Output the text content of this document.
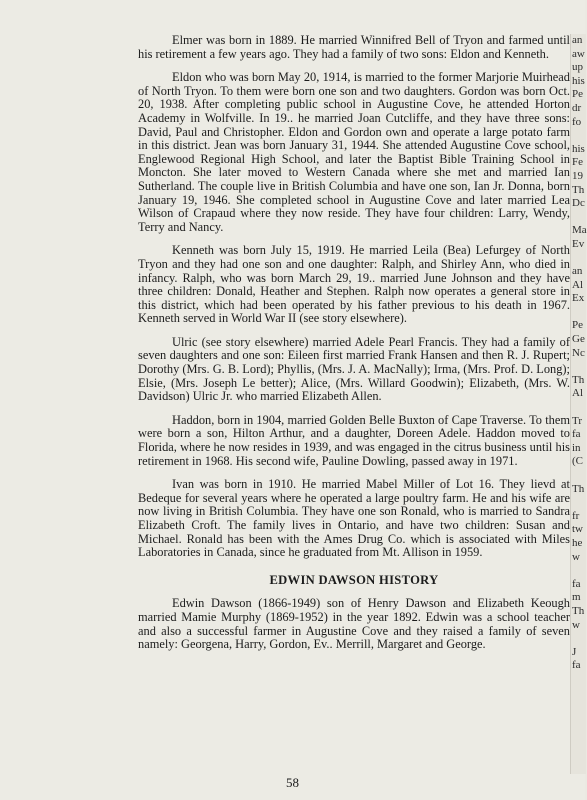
Elmer was born in 1889. He married Winnifred Bell of Tryon and farmed until his retirement a few years ago. They had a family of two sons: Eldon and Kenneth.

Eldon who was born May 20, 1914, is married to the former Marjorie Muirhead of North Tryon. To them were born one son and two daughters. Gordon was born Oct. 20, 1938. After completing public school in Augustine Cove, he attended Horton Academy in Wolfville. In 19.. he married Joan Cutcliffe, and they have three sons: David, Paul and Christopher. Eldon and Gordon own and operate a large potato farm in this district. Jean was born January 31, 1944. She attended Augustine Cove school, Englewood Regional High School, and later the Baptist Bible Training School in Moncton. She later moved to Western Canada where she met and married Ian Sutherland. The couple live in British Columbia and have one son, Ian Jr. Donna, born January 19, 1946. She completed school in Augustine Cove and later married Lea Wilson of Crapaud where they now reside. They have four children: Larry, Wendy, Terry and Nancy.

Kenneth was born July 15, 1919. He married Leila (Bea) Lefurgey of North Tryon and they had one son and one daughter: Ralph, and Shirley Ann, who died in infancy. Ralph, who was born March 29, 19.. married June Johnson and they have three children: Donald, Heather and Stephen. Ralph now operates a general store in this district, which had been operated by his father previous to his death in 1967. Kenneth served in World War II (see story elsewhere).

Ulric (see story elsewhere) married Adele Pearl Francis. They had a family of seven daughters and one son: Eileen first married Frank Hansen and then R. J. Rupert; Dorothy (Mrs. G. B. Lord); Phyllis, (Mrs. J. A. MacNally); Irma, (Mrs. Prof. D. Long); Elsie, (Mrs. Joseph Le better); Alice, (Mrs. Willard Goodwin); Elizabeth, (Mrs. W. Davidson) Ulric Jr. who married Elizabeth Allen.

Haddon, born in 1904, married Golden Belle Buxton of Cape Traverse. To them were born a son, Hilton Arthur, and a daughter, Doreen Adele. Haddon moved to Florida, where he now resides in 1939, and was engaged in the citrus business until his retirement in 1968. His second wife, Pauline Dowling, passed away in 1971.

Ivan was born in 1910. He married Mabel Miller of Lot 16. They lievd at Bedeque for several years where he operated a large poultry farm. He and his wife are now living in British Columbia. They have one son Ronald, who is married to Sandra Elizabeth Croft. The family lives in Ontario, and have two children: Susan and Michael. Ronald has been with the Ames Drug Co. which is associated with Miles Laboratories in Canada, since he graduated from Mt. Allison in 1959.

EDWIN DAWSON HISTORY

Edwin Dawson (1866-1949) son of Henry Dawson and Elizabeth Keough married Mamie Murphy (1869-1952) in the year 1892. Edwin was a school teacher and also a successful farmer in Augustine Cove and they raised a family of seven namely: Georgena, Harry, Gordon, Ev.. Merrill, Margaret and George.

an
aw
up
his
Pe
dr
fo

his
Fe
19
Th
Dc

Ma
Ev

an
Al
Ex

Pe
Ge
Nc

Th
Al

Tr
fa
in
(C

Th

fr
tw
he
w

fa
m
Th
w

J
fa
58
